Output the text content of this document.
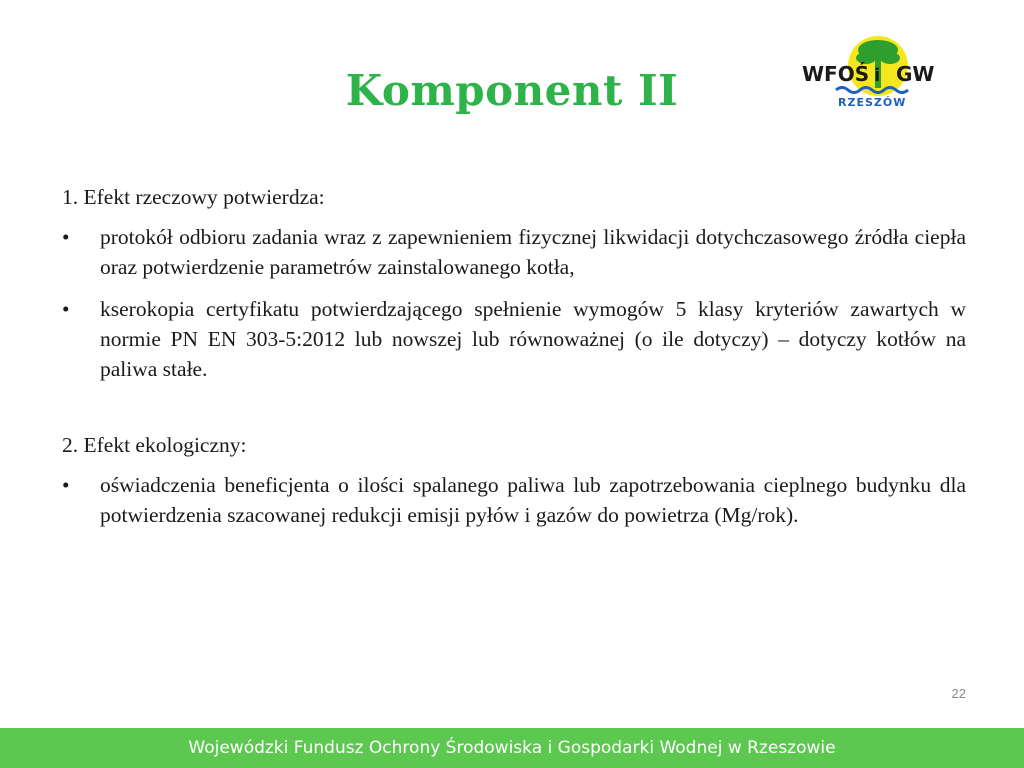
WFOŚ i GW
RZESZÓW
Komponent II

1. Efekt rzeczowy potwierdza:

•	protokół odbioru zadania wraz z zapewnieniem fizycznej likwidacji dotychczasowego źródła ciepła oraz potwierdzenie parametrów zainstalowanego kotła,
•	kserokopia certyfikatu potwierdzającego spełnienie wymogów 5 klasy kryteriów zawartych w normie PN EN 303-5:2012 lub nowszej lub równoważnej (o ile dotyczy) – dotyczy kotłów na paliwa stałe.

2. Efekt ekologiczny:

•	oświadczenia beneficjenta o ilości spalanego paliwa lub zapotrzebowania cieplnego budynku dla potwierdzenia szacowanej redukcji emisji pyłów i gazów do powietrza (Mg/rok).
22
Wojewódzki Fundusz Ochrony Środowiska i Gospodarki Wodnej w Rzeszowie
